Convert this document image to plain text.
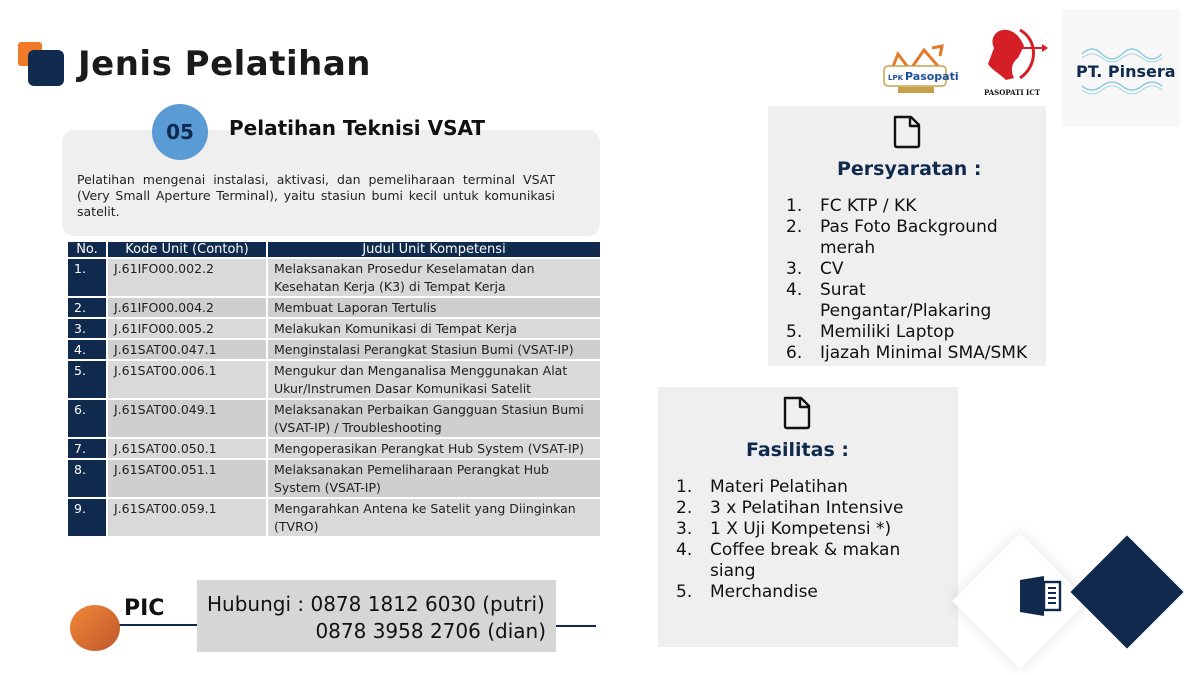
Jenis Pelatihan	LPK Pasopati
PASOPATI ICT
PT. Pinsera
05	Pelatihan Teknisi VSAT
Pelatihan mengenai instalasi, aktivasi, dan pemeliharaan terminal VSAT (Very Small Aperture Terminal), yaitu stasiun bumi kecil untuk komunikasi satelit.
No.	Kode Unit (Contoh)	Judul Unit Kompetensi
1.	J.61IFO00.002.2	Melaksanakan Prosedur Keselamatan dan Kesehatan Kerja (K3) di Tempat Kerja
2.	J.61IFO00.004.2	Membuat Laporan Tertulis
3.	J.61IFO00.005.2	Melakukan Komunikasi di Tempat Kerja
4.	J.61SAT00.047.1	Menginstalasi Perangkat Stasiun Bumi (VSAT-IP)
5.	J.61SAT00.006.1	Mengukur dan Menganalisa Menggunakan Alat Ukur/Instrumen Dasar Komunikasi Satelit
6.	J.61SAT00.049.1	Melaksanakan Perbaikan Gangguan Stasiun Bumi (VSAT-IP) / Troubleshooting
7.	J.61SAT00.050.1	Mengoperasikan Perangkat Hub System (VSAT-IP)
8.	J.61SAT00.051.1	Melaksanakan Pemeliharaan Perangkat Hub System (VSAT-IP)
9.	J.61SAT00.059.1	Mengarahkan Antena ke Satelit yang Diinginkan (TVRO)
PIC Hubungi : 0878 1812 6030 (putri)
0878 3958 2706 (dian)
Persyaratan :
1.	FC KTP / KK
2.	Pas Foto Background merah
3.	CV
4.	Surat Pengantar/Plakaring
5.	Memiliki Laptop
6.	Ijazah Minimal SMA/SMK
Fasilitas :
1.	Materi Pelatihan
2.	3 x Pelatihan Intensive
3.	1 X Uji Kompetensi *)
4.	Coffee break & makan siang
5.	Merchandise
